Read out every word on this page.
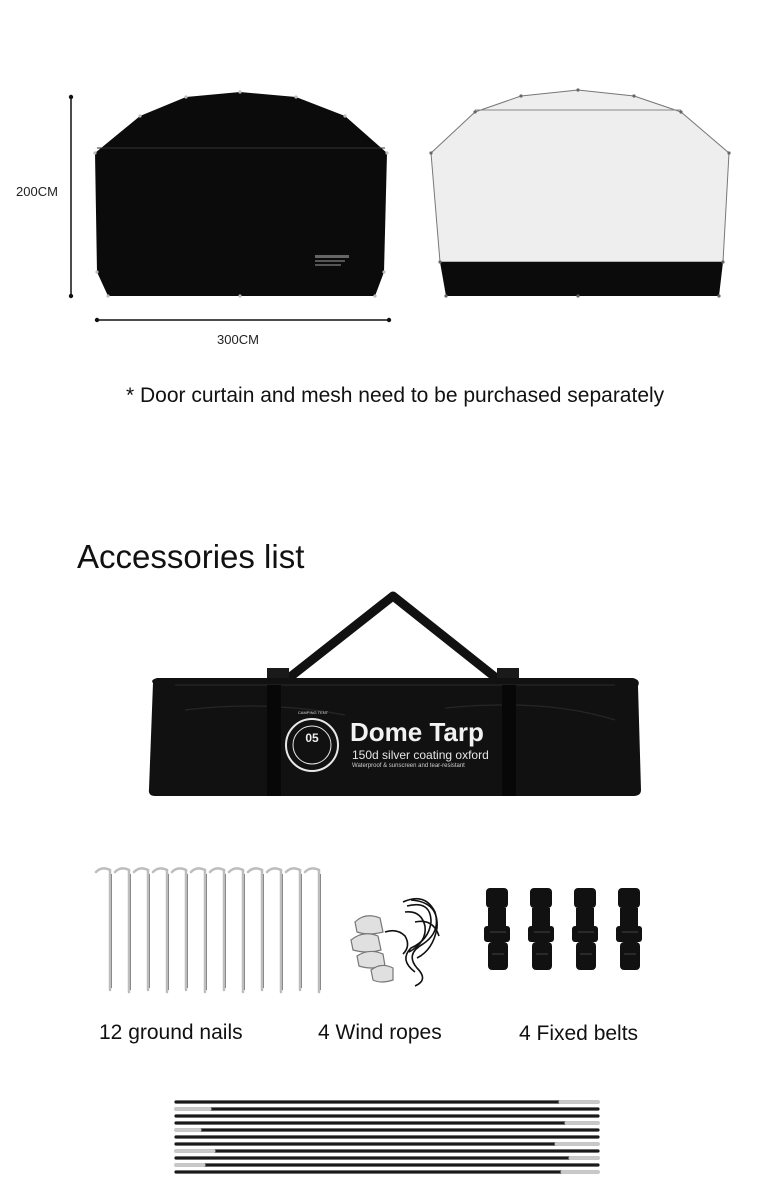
200CM
300CM
* Door curtain and mesh need to be purchased separately
Accessories list
05
CAMPING TENT
Dome Tarp
150d silver coating oxford
Waterproof & sunscreen and tear-resistant
12 ground nails	4 Wind ropes	4 Fixed belts
